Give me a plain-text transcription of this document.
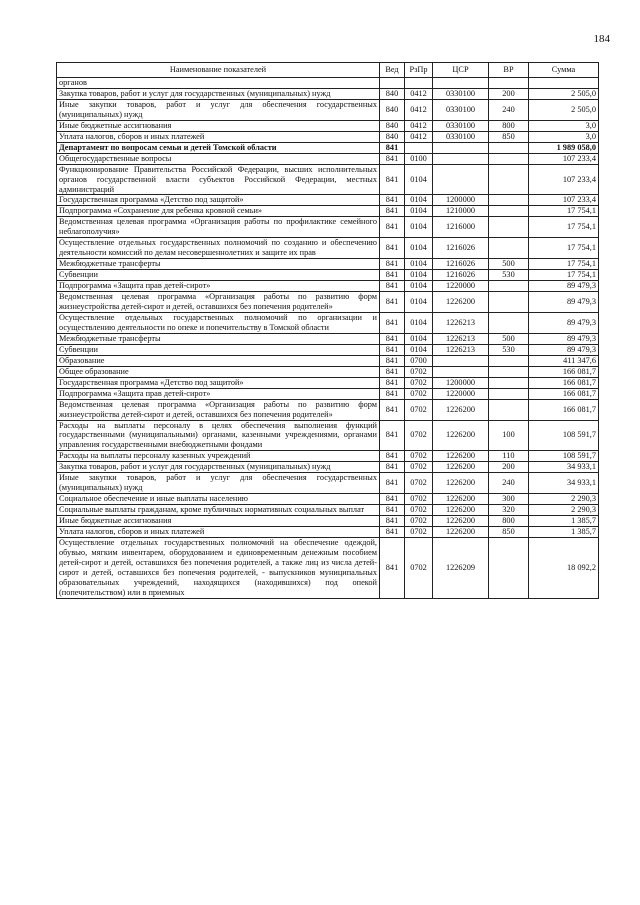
184
Наименование показателей	Вед	РзПр	ЦСР	ВР	Сумма
органов					
Закупка товаров, работ и услуг для государственных (муниципальных) нужд	840	0412	0330100	200	2 505,0
Иные закупки товаров, работ и услуг для обеспечения государственных (муниципальных) нужд	840	0412	0330100	240	2 505,0
Иные бюджетные ассигнования	840	0412	0330100	800	3,0
Уплата налогов, сборов и иных платежей	840	0412	0330100	850	3,0
Департамент по вопросам семьи и детей Томской области	841				1 989 058,0
Общегосударственные вопросы	841	0100			107 233,4
Функционирование Правительства Российской Федерации, высших исполнительных органов государственной власти субъектов Российской Федерации, местных администраций	841	0104			107 233,4
Государственная программа «Детство под защитой»	841	0104	1200000		107 233,4
Подпрограмма «Сохранение для ребенка кровной семьи»	841	0104	1210000		17 754,1
Ведомственная целевая программа «Организация работы по профилактике семейного неблагополучия»	841	0104	1216000		17 754,1
Осуществление отдельных государственных полномочий по созданию и обеспечению деятельности комиссий по делам несовершеннолетних и защите их прав	841	0104	1216026		17 754,1
Межбюджетные трансферты	841	0104	1216026	500	17 754,1
Субвенции	841	0104	1216026	530	17 754,1
Подпрограмма «Защита прав детей-сирот»	841	0104	1220000		89 479,3
Ведомственная целевая программа «Организация работы по развитию форм жизнеустройства детей-сирот и детей, оставшихся без попечения родителей»	841	0104	1226200		89 479,3
Осуществление отдельных государственных полномочий по организации и осуществлению деятельности по опеке и попечительству в Томской области	841	0104	1226213		89 479,3
Межбюджетные трансферты	841	0104	1226213	500	89 479,3
Субвенции	841	0104	1226213	530	89 479,3
Образование	841	0700			411 347,6
Общее образование	841	0702			166 081,7
Государственная программа «Детство под защитой»	841	0702	1200000		166 081,7
Подпрограмма «Защита прав детей-сирот»	841	0702	1220000		166 081,7
Ведомственная целевая программа «Организация работы по развитию форм жизнеустройства детей-сирот и детей, оставшихся без попечения родителей»	841	0702	1226200		166 081,7
Расходы на выплаты персоналу в целях обеспечения выполнения функций государственными (муниципальными) органами, казенными учреждениями, органами управления государственными внебюджетными фондами	841	0702	1226200	100	108 591,7
Расходы на выплаты персоналу казенных учреждений	841	0702	1226200	110	108 591,7
Закупка товаров, работ и услуг для государственных (муниципальных) нужд	841	0702	1226200	200	34 933,1
Иные закупки товаров, работ и услуг для обеспечения государственных (муниципальных) нужд	841	0702	1226200	240	34 933,1
Социальное обеспечение и иные выплаты населению	841	0702	1226200	300	2 290,3
Социальные выплаты гражданам, кроме публичных нормативных социальных выплат	841	0702	1226200	320	2 290,3
Иные бюджетные ассигнования	841	0702	1226200	800	1 385,7
Уплата налогов, сборов и иных платежей	841	0702	1226200	850	1 385,7

Осуществление отдельных государственных полномочий на обеспечение одеждой, обувью, мягким инвентарем, оборудованием и единовременным денежным пособием детей-сирот и детей, оставшихся без попечения родителей, а также лиц из числа детей-сирот и детей, оставшихся без попечения родителей, - выпускников муниципальных образовательных учреждений, находящихся (находившихся) под опекой (попечительством) или в приемных	841	0702	1226209		18 092,2
